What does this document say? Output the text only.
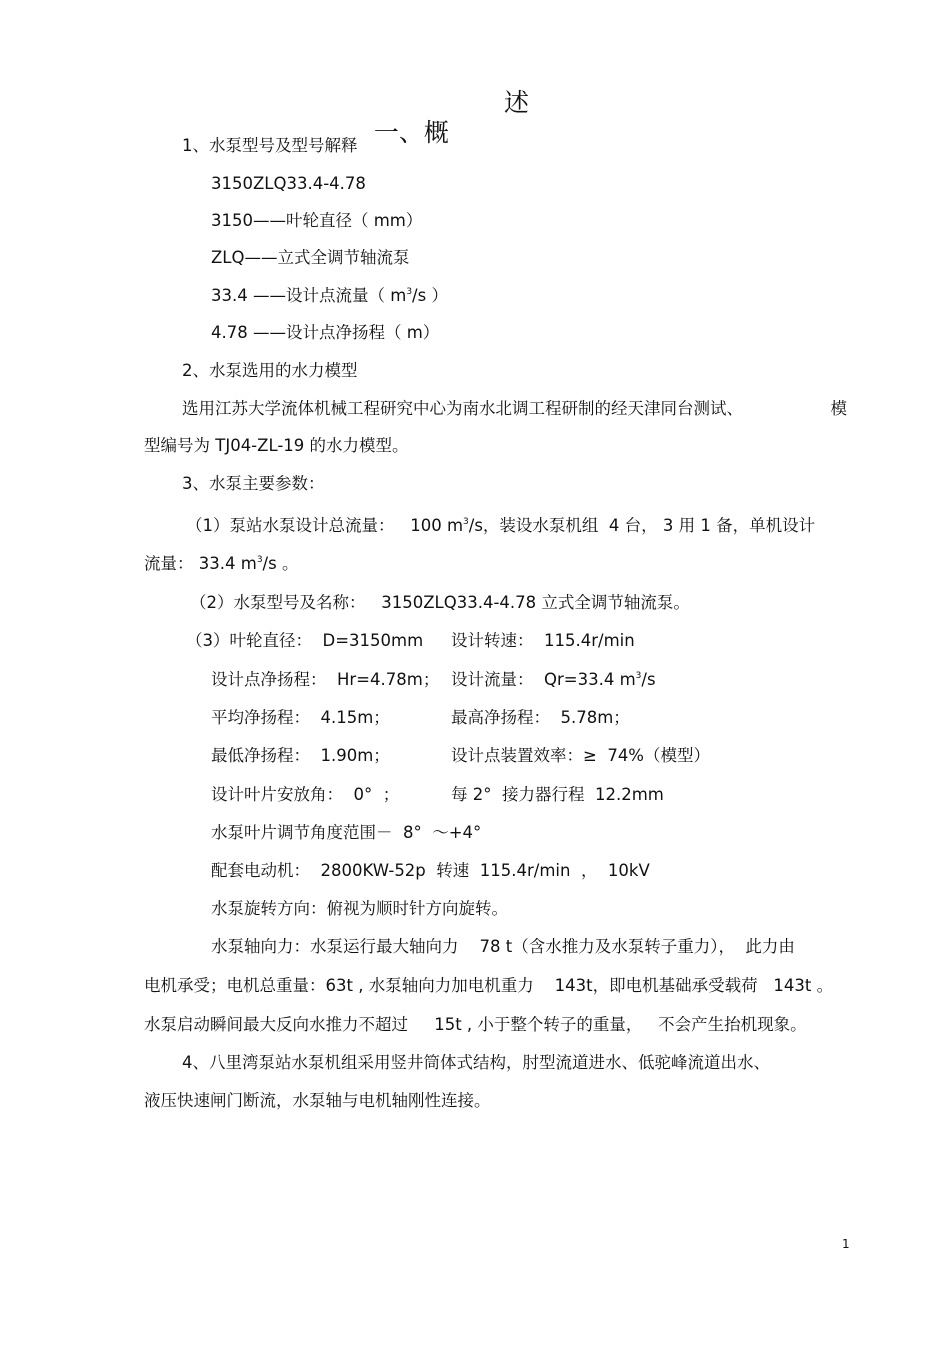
一、概

述

1、水泵型号及型号解释
3150ZLQ33.4-4.78
3150——叶轮直径（ mm）
ZLQ——立式全调节轴流泵
33.4 ——设计点流量（ $m^3/s$ ）
4.78 ——设计点净扬程（ m）
2、水泵选用的水力模型
选用江苏大学流体机械工程研究中心为南水北调工程研制的经天津同台测试、	模
型编号为 TJ04-ZL-19 的水力模型。
3、水泵主要参数：
（1）泵站水泵设计总流量：   100 $m^3/s$，装设水泵机组  4 台， 3 用 1 备，单机设计
流量： 33.4 $m^3/s$ 。
（2）水泵型号及名称：   3150ZLQ33.4-4.78 立式全调节轴流泵。
（3）叶轮直径：  D=3150mm 设计转速：  115.4r/min
设计点净扬程：  Hr=4.78m； 设计流量：  Qr=33.4 $m^3/s$
平均净扬程：  4.15m；	最高净扬程：  5.78m；
最低净扬程：  1.90m；	设计点装置效率：≥  74%（模型）
设计叶片安放角：  0°  ；	每 2°  接力器行程  12.2mm
水泵叶片调节角度范围－  8°  ～+4°
配套电动机：  2800KW-52p  转速  115.4r/min  ，  10kV
水泵旋转方向：俯视为顺时针方向旋转。
水泵轴向力：水泵运行最大轴向力    78 t（含水推力及水泵转子重力），  此力由
电机承受；电机总重量：63t , 水泵轴向力加电机重力    143t，即电机基础承受载荷   143t 。
水泵启动瞬间最大反向水推力不超过     15t , 小于整个转子的重量，   不会产生抬机现象。
4、八里湾泵站水泵机组采用竖井筒体式结构，肘型流道进水、低驼峰流道出水、
液压快速闸门断流，水泵轴与电机轴刚性连接。
1
